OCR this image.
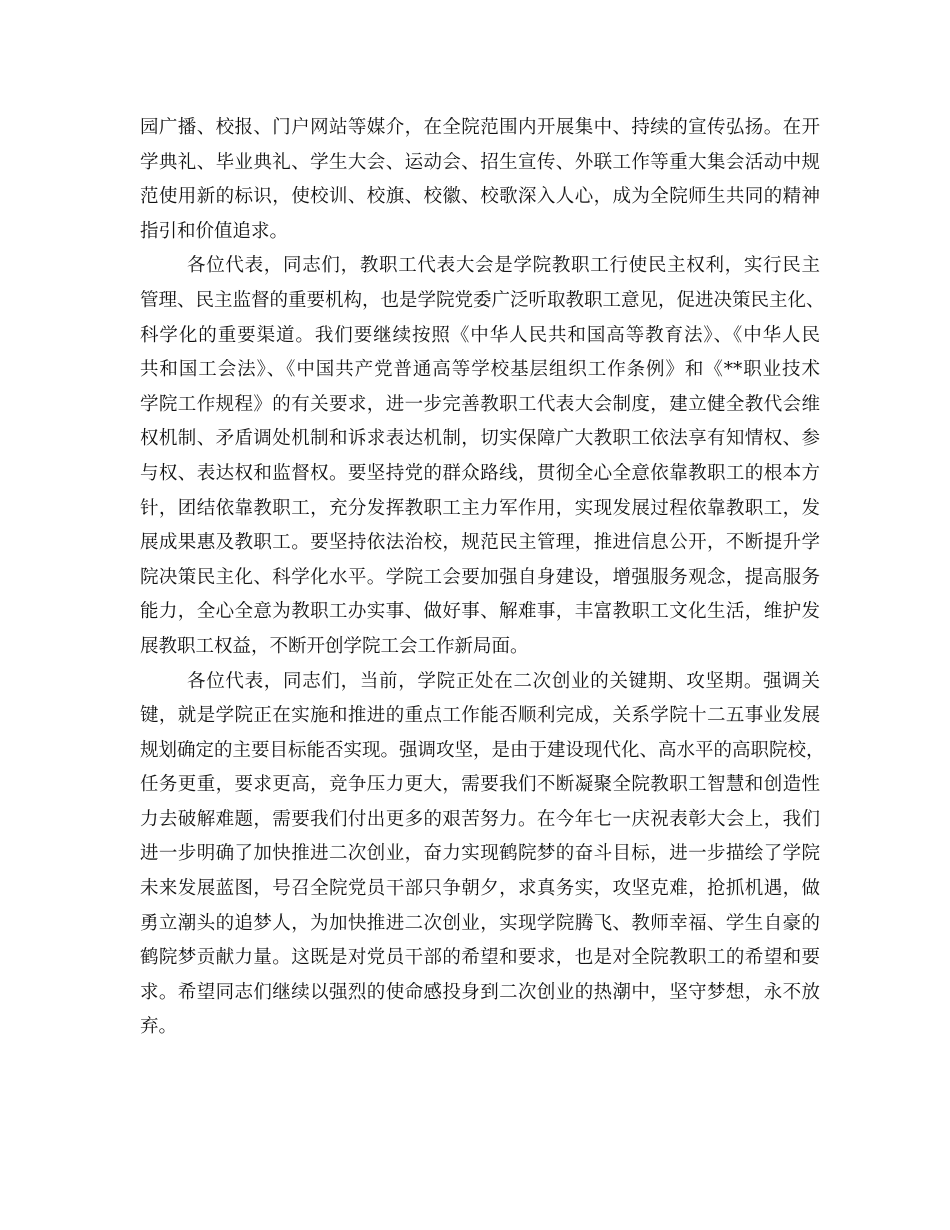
园广播、校报、门户网站等媒介，在全院范围内开展集中、持续的宣传弘扬。在开
学典礼、毕业典礼、学生大会、运动会、招生宣传、外联工作等重大集会活动中规
范使用新的标识，使校训、校旗、校徽、校歌深入人心，成为全院师生共同的精神
指引和价值追求。
各位代表，同志们，教职工代表大会是学院教职工行使民主权利，实行民主
管理、民主监督的重要机构，也是学院党委广泛听取教职工意见，促进决策民主化、
科学化的重要渠道。我们要继续按照《中华人民共和国高等教育法》、《中华人民
共和国工会法》、《中国共产党普通高等学校基层组织工作条例》和《**职业技术
学院工作规程》的有关要求，进一步完善教职工代表大会制度，建立健全教代会维
权机制、矛盾调处机制和诉求表达机制，切实保障广大教职工依法享有知情权、参
与权、表达权和监督权。要坚持党的群众路线，贯彻全心全意依靠教职工的根本方
针，团结依靠教职工，充分发挥教职工主力军作用，实现发展过程依靠教职工，发
展成果惠及教职工。要坚持依法治校，规范民主管理，推进信息公开，不断提升学
院决策民主化、科学化水平。学院工会要加强自身建设，增强服务观念，提高服务
能力，全心全意为教职工办实事、做好事、解难事，丰富教职工文化生活，维护发
展教职工权益，不断开创学院工会工作新局面。
各位代表，同志们，当前，学院正处在二次创业的关键期、攻坚期。强调关
键，就是学院正在实施和推进的重点工作能否顺利完成，关系学院十二五事业发展
规划确定的主要目标能否实现。强调攻坚，是由于建设现代化、高水平的高职院校，
任务更重，要求更高，竞争压力更大，需要我们不断凝聚全院教职工智慧和创造性
力去破解难题，需要我们付出更多的艰苦努力。在今年七一庆祝表彰大会上，我们
进一步明确了加快推进二次创业，奋力实现鹤院梦的奋斗目标，进一步描绘了学院
未来发展蓝图，号召全院党员干部只争朝夕，求真务实，攻坚克难，抢抓机遇，做
勇立潮头的追梦人，为加快推进二次创业，实现学院腾飞、教师幸福、学生自豪的
鹤院梦贡献力量。这既是对党员干部的希望和要求，也是对全院教职工的希望和要
求。希望同志们继续以强烈的使命感投身到二次创业的热潮中，坚守梦想，永不放
弃。
